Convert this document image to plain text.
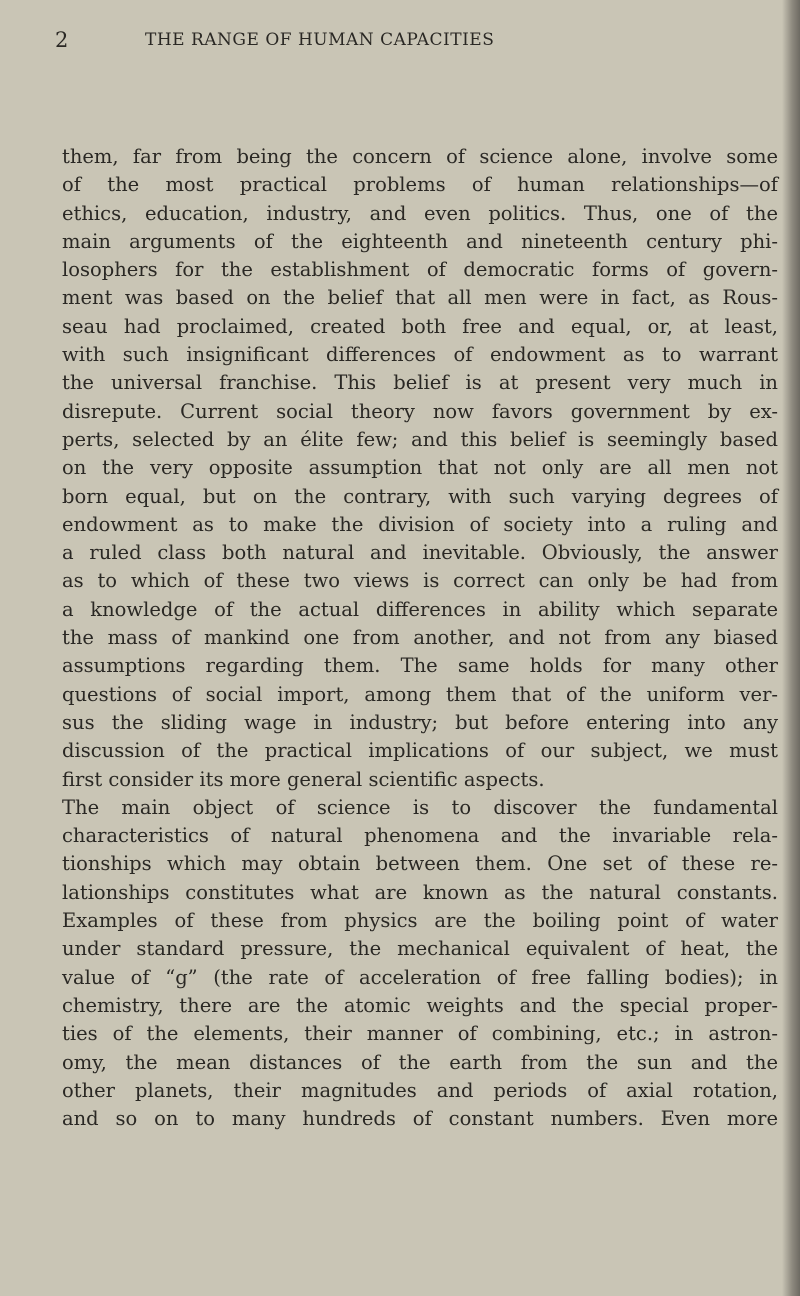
2	THE RANGE OF HUMAN CAPACITIES
them, far from being the concern of science alone, involve some
of the most practical problems of human relationships—of
ethics, education, industry, and even politics. Thus, one of the
main arguments of the eighteenth and nineteenth century phi-
losophers for the establishment of democratic forms of govern-
ment was based on the belief that all men were in fact, as Rous-
seau had proclaimed, created both free and equal, or, at least,
with such insignificant differences of endowment as to warrant
the universal franchise. This belief is at present very much in
disrepute. Current social theory now favors government by ex-
perts, selected by an élite few; and this belief is seemingly based
on the very opposite assumption that not only are all men not
born equal, but on the contrary, with such varying degrees of
endowment as to make the division of society into a ruling and
a ruled class both natural and inevitable. Obviously, the answer
as to which of these two views is correct can only be had from
a knowledge of the actual differences in ability which separate
the mass of mankind one from another, and not from any biased
assumptions regarding them. The same holds for many other
questions of social import, among them that of the uniform ver-
sus the sliding wage in industry; but before entering into any
discussion of the practical implications of our subject, we must
first consider its more general scientific aspects.
The main object of science is to discover the fundamental
characteristics of natural phenomena and the invariable rela-
tionships which may obtain between them. One set of these re-
lationships constitutes what are known as the natural constants.
Examples of these from physics are the boiling point of water
under standard pressure, the mechanical equivalent of heat, the
value of “g” (the rate of acceleration of free falling bodies); in
chemistry, there are the atomic weights and the special proper-
ties of the elements, their manner of combining, etc.; in astron-
omy, the mean distances of the earth from the sun and the
other planets, their magnitudes and periods of axial rotation,
and so on to many hundreds of constant numbers. Even more
